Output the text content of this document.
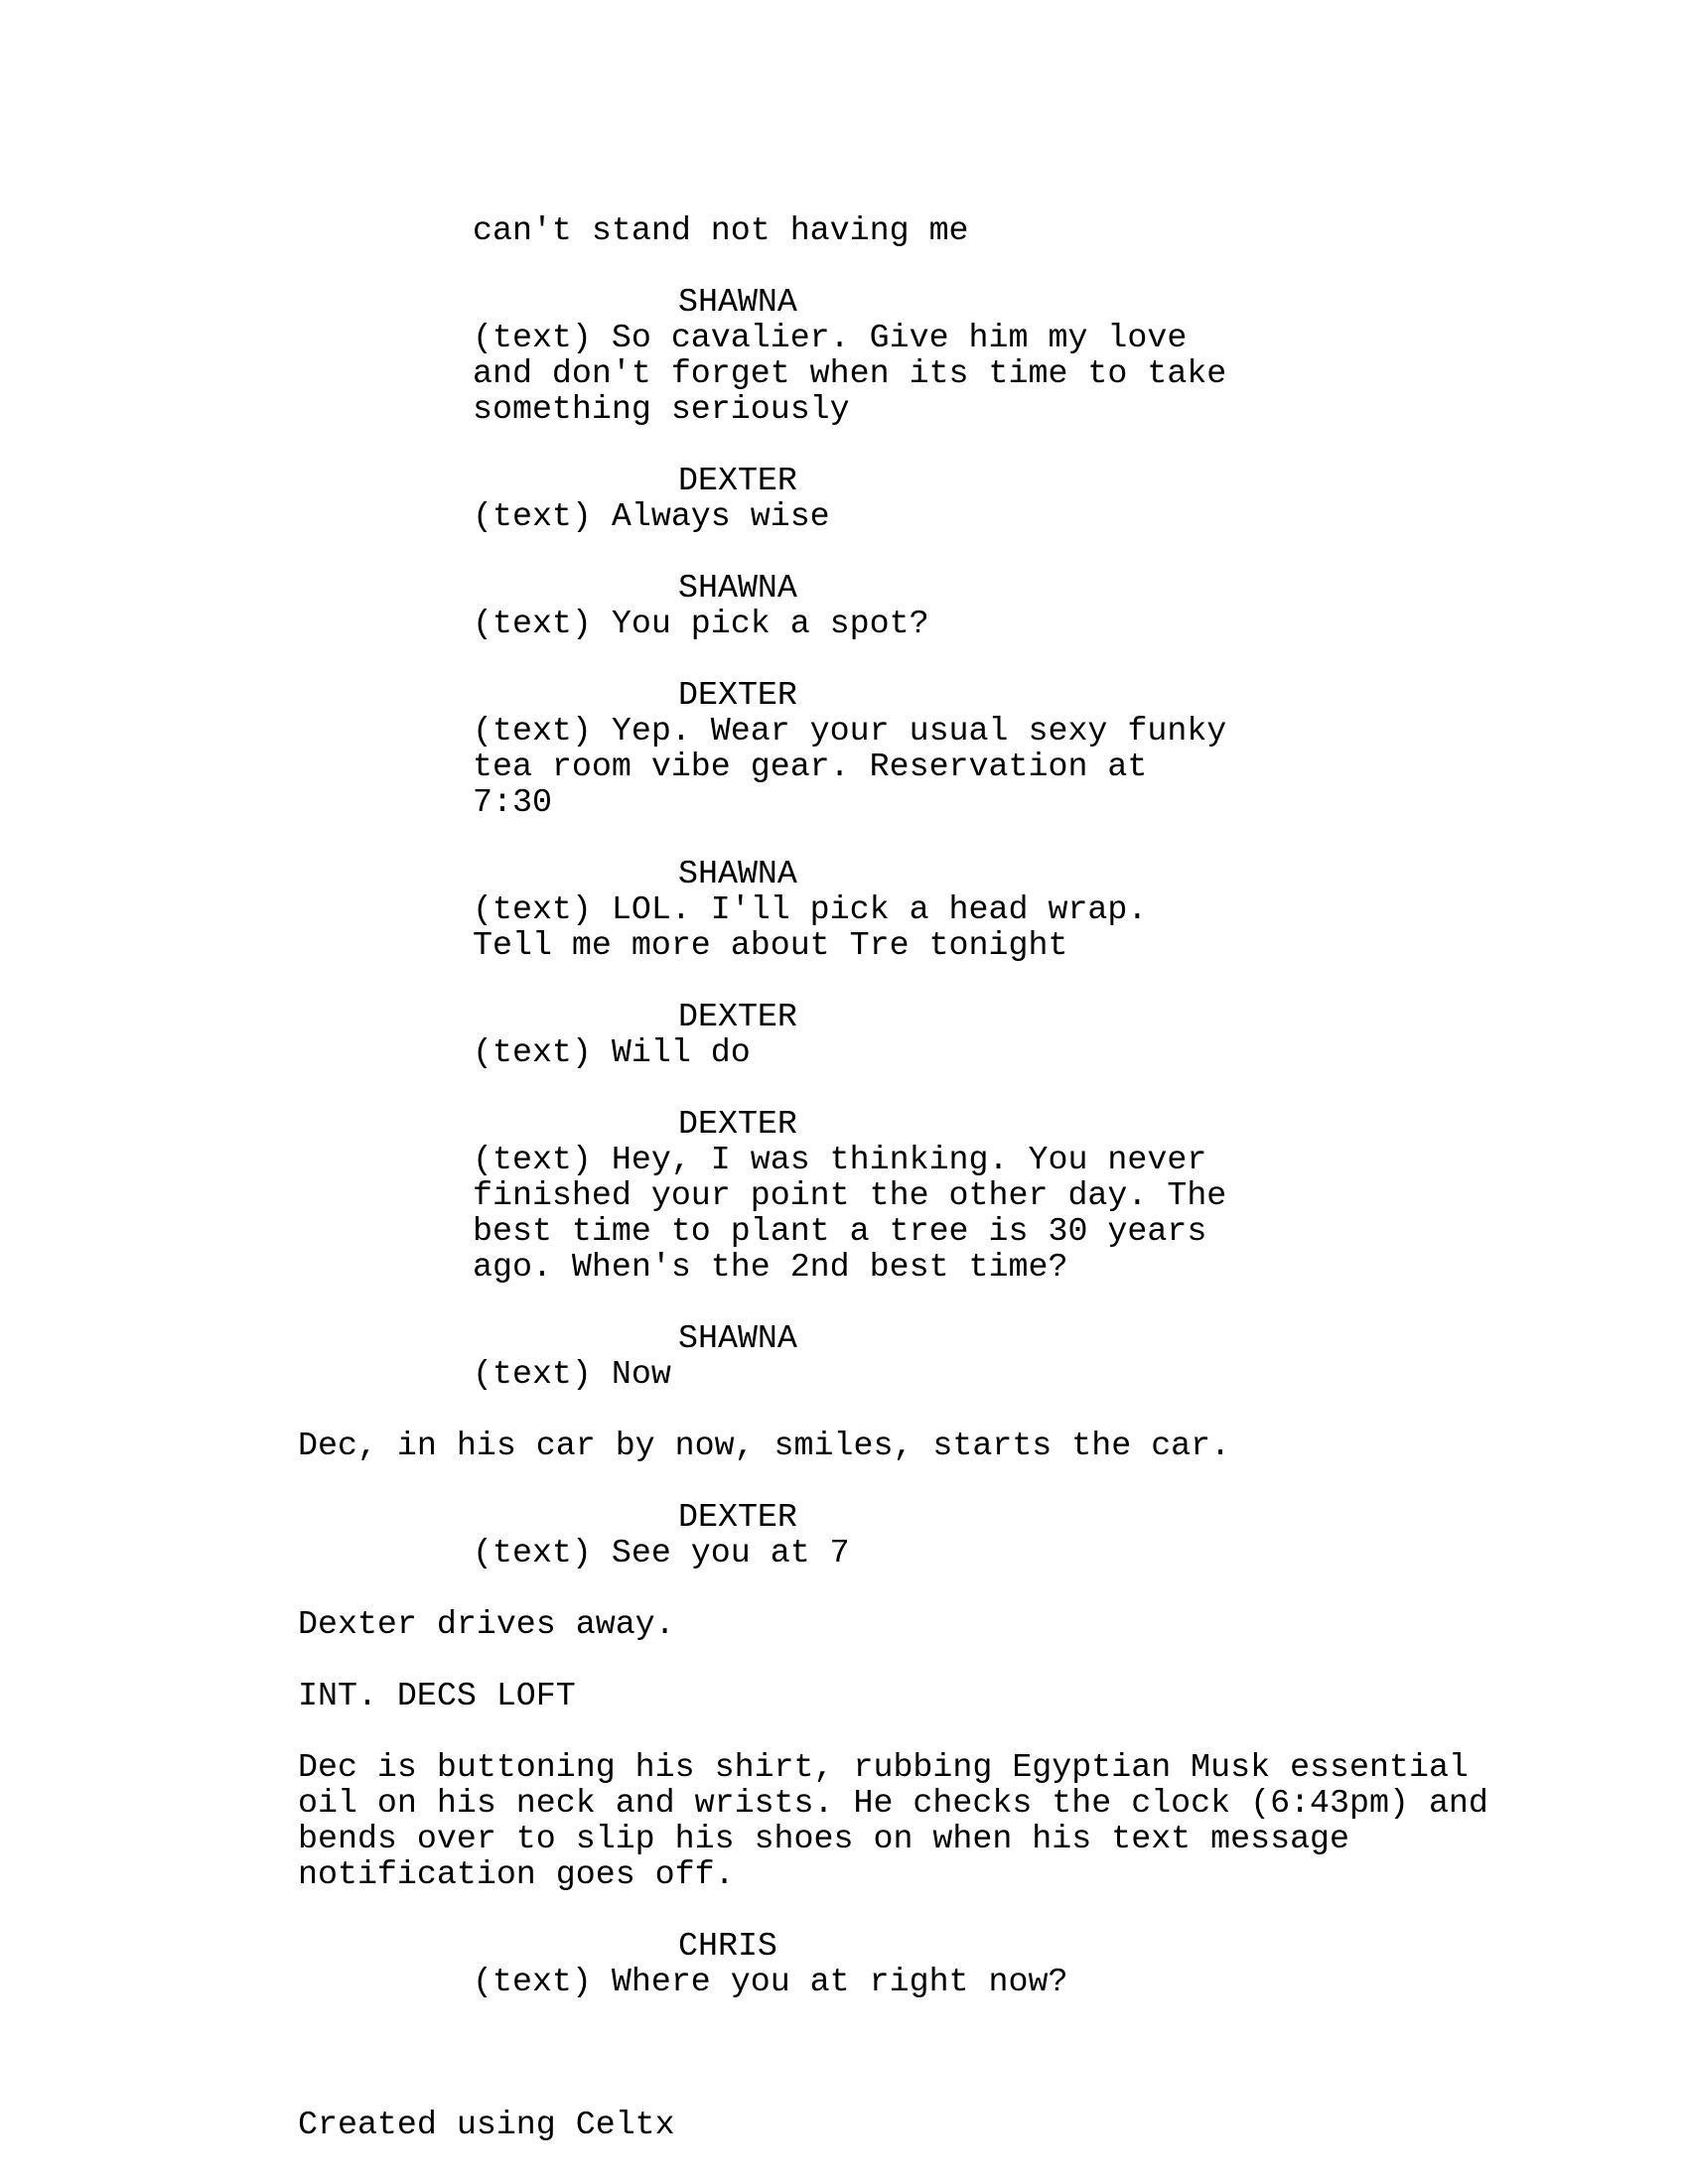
can't stand not having me
SHAWNA
(text) So cavalier. Give him my love
and don't forget when its time to take
something seriously
DEXTER
(text) Always wise
SHAWNA
(text) You pick a spot?
DEXTER
(text) Yep. Wear your usual sexy funky
tea room vibe gear. Reservation at
7:30
SHAWNA
(text) LOL. I'll pick a head wrap.
Tell me more about Tre tonight
DEXTER
(text) Will do
DEXTER
(text) Hey, I was thinking. You never
finished your point the other day. The
best time to plant a tree is 30 years
ago. When's the 2nd best time?
SHAWNA
(text) Now
Dec, in his car by now, smiles, starts the car.
DEXTER
(text) See you at 7
Dexter drives away.
INT. DECS LOFT
Dec is buttoning his shirt, rubbing Egyptian Musk essential
oil on his neck and wrists. He checks the clock (6:43pm) and
bends over to slip his shoes on when his text message
notification goes off.
CHRIS
(text) Where you at right now?
Created using Celtx
